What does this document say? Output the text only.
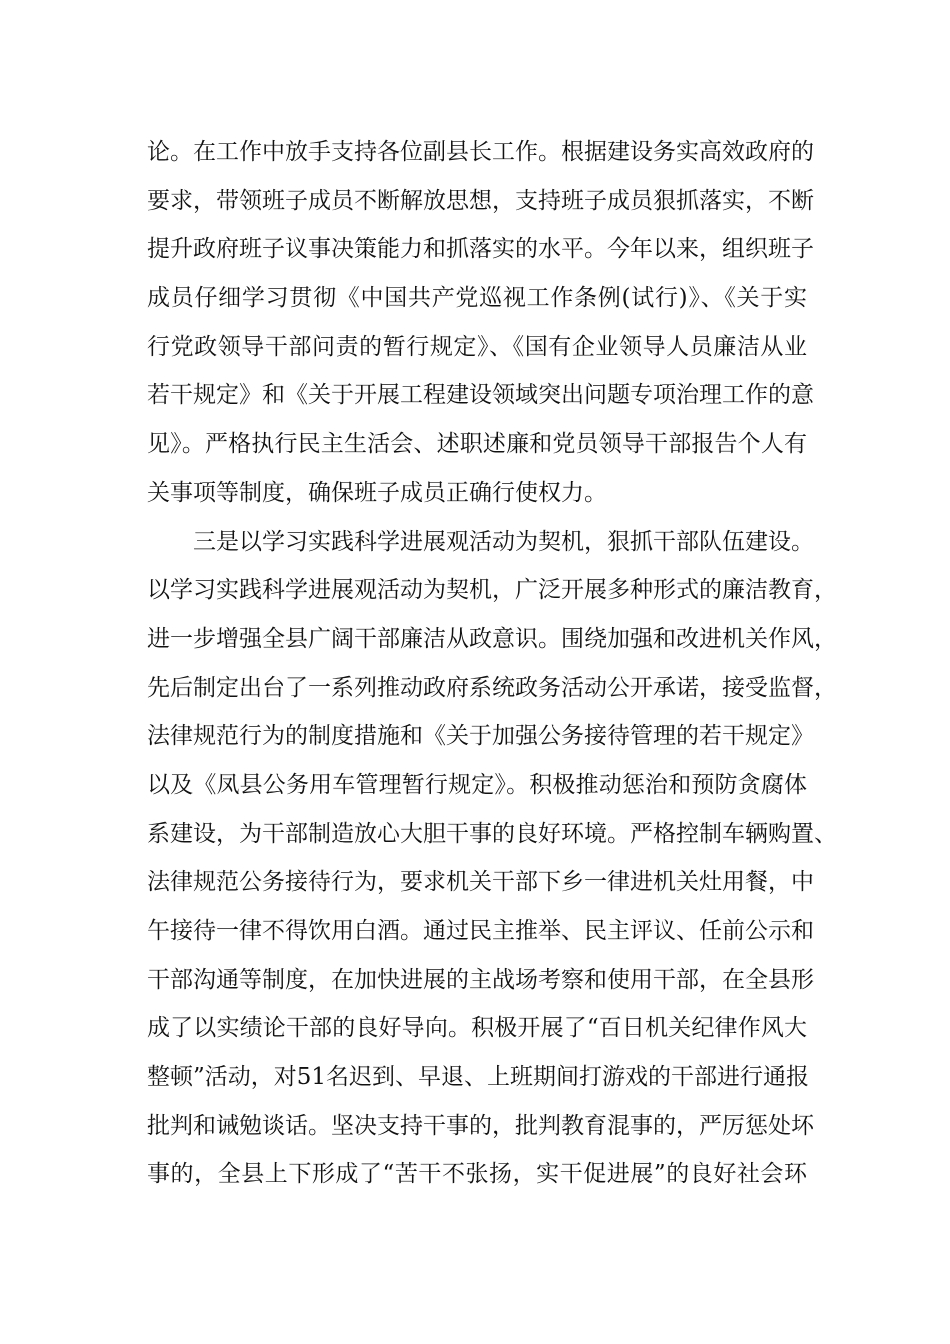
论。在工作中放手支持各位副县长工作。根据建设务实高效政府的
要求，带领班子成员不断解放思想，支持班子成员狠抓落实，不断
提升政府班子议事决策能力和抓落实的水平。今年以来，组织班子
成员仔细学习贯彻《中国共产党巡视工作条例(试行)》、《关于实
行党政领导干部问责的暂行规定》、《国有企业领导人员廉洁从业
若干规定》和《关于开展工程建设领域突出问题专项治理工作的意
见》。严格执行民主生活会、述职述廉和党员领导干部报告个人有
关事项等制度，确保班子成员正确行使权力。
三是以学习实践科学进展观活动为契机，狠抓干部队伍建设。
以学习实践科学进展观活动为契机，广泛开展多种形式的廉洁教育，
进一步增强全县广阔干部廉洁从政意识。围绕加强和改进机关作风，
先后制定出台了一系列推动政府系统政务活动公开承诺，接受监督，
法律规范行为的制度措施和《关于加强公务接待管理的若干规定》
以及《凤县公务用车管理暂行规定》。积极推动惩治和预防贪腐体
系建设，为干部制造放心大胆干事的良好环境。严格控制车辆购置、
法律规范公务接待行为，要求机关干部下乡一律进机关灶用餐，中
午接待一律不得饮用白酒。通过民主推举、民主评议、任前公示和
干部沟通等制度，在加快进展的主战场考察和使用干部，在全县形
成了以实绩论干部的良好导向。积极开展了“百日机关纪律作风大
整顿”活动，对51名迟到、早退、上班期间打游戏的干部进行通报
批判和诫勉谈话。坚决支持干事的，批判教育混事的，严厉惩处坏
事的，全县上下形成了“苦干不张扬，实干促进展”的良好社会环
